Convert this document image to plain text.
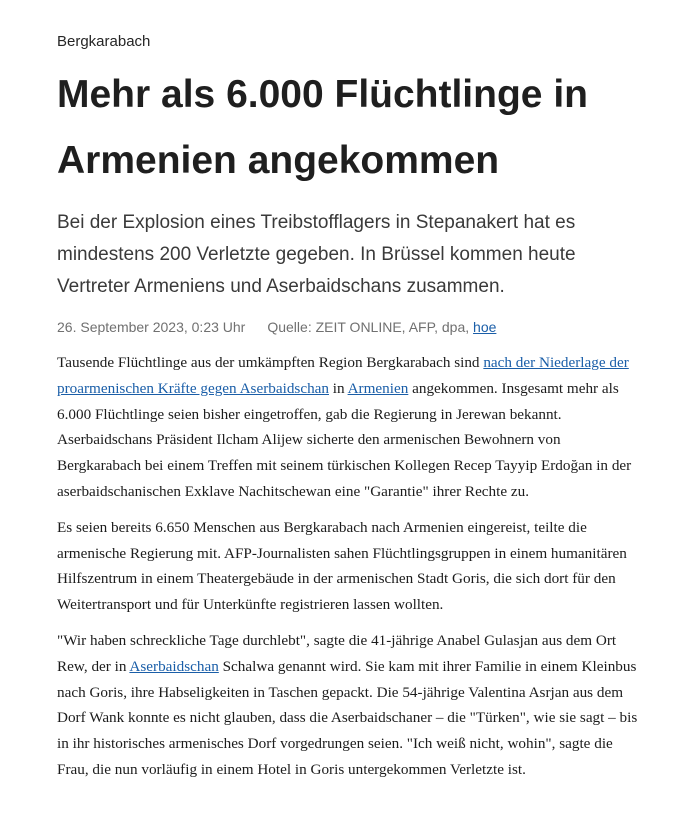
Bergkarabach
Mehr als 6.000 Flüchtlinge in Armenien angekommen

Bei der Explosion eines Treibstofflagers in Stepanakert hat es mindestens 200 Verletzte gegeben. In Brüssel kommen heute Vertreter Armeniens und Aserbaidschans zusammen.

26. September 2023, 0:23 Uhr Quelle: ZEIT ONLINE, AFP, dpa, hoe

Tausende Flüchtlinge aus der umkämpften Region Bergkarabach sind nach der Niederlage der proarmenischen Kräfte gegen Aserbaidschan in Armenien angekommen. Insgesamt mehr als 6.000 Flüchtlinge seien bisher eingetroffen, gab die Regierung in Jerewan bekannt. Aserbaidschans Präsident Ilcham Alijew sicherte den armenischen Bewohnern von Bergkarabach bei einem Treffen mit seinem türkischen Kollegen Recep Tayyip Erdoğan in der aserbaidschanischen Exklave Nachitschewan eine "Garantie" ihrer Rechte zu.

Es seien bereits 6.650 Menschen aus Bergkarabach nach Armenien eingereist, teilte die armenische Regierung mit. AFP-Journalisten sahen Flüchtlingsgruppen in einem humanitären Hilfszentrum in einem Theatergebäude in der armenischen Stadt Goris, die sich dort für den Weitertransport und für Unterkünfte registrieren lassen wollten.

"Wir haben schreckliche Tage durchlebt", sagte die 41-jährige Anabel Gulasjan aus dem Ort Rew, der in Aserbaidschan Schalwa genannt wird. Sie kam mit ihrer Familie in einem Kleinbus nach Goris, ihre Habseligkeiten in Taschen gepackt. Die 54-jährige Valentina Asrjan aus dem Dorf Wank konnte es nicht glauben, dass die Aserbaidschaner – die "Türken", wie sie sagt – bis in ihr historisches armenisches Dorf vorgedrungen seien. "Ich weiß nicht, wohin", sagte die Frau, die nun vorläufig in einem Hotel in Goris untergekommen Verletzte ist.
